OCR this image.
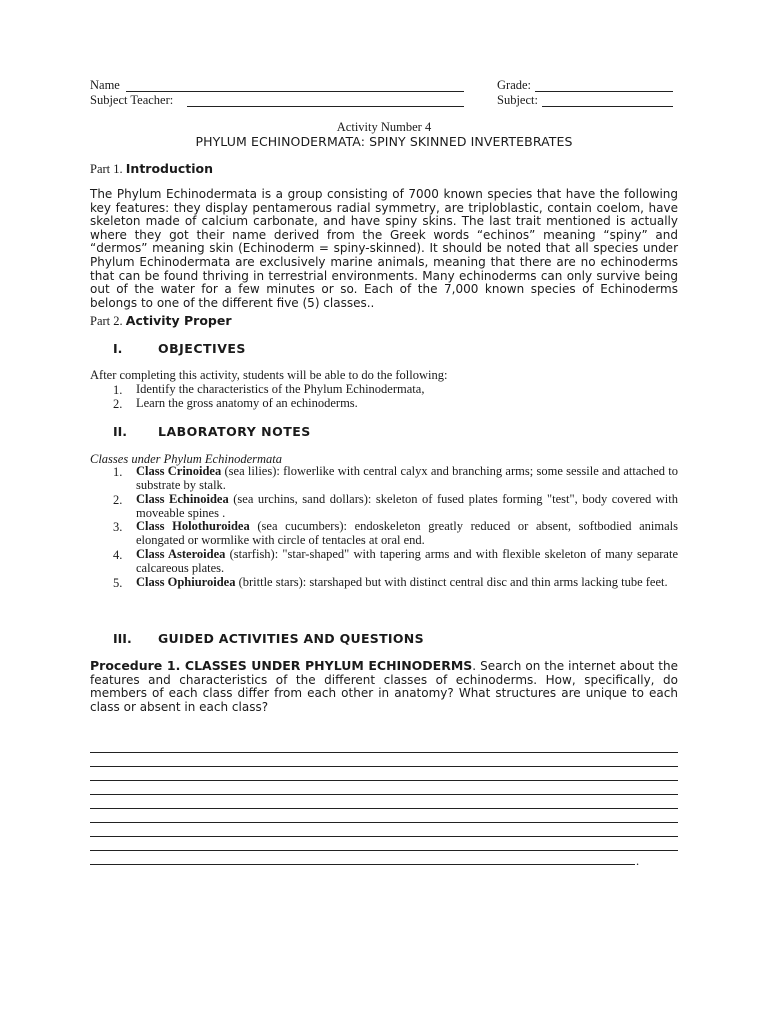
Name	Grade:
Subject Teacher:	Subject:
Activity Number 4
PHYLUM ECHINODERMATA: SPINY SKINNED INVERTEBRATES
Part 1. Introduction

The Phylum Echinodermata is a group consisting of 7000 known species that have the following key features: they display pentamerous radial symmetry, are triploblastic, contain coelom, have skeleton made of calcium carbonate, and have spiny skins. The last trait mentioned is actually where they got their name derived from the Greek words “echinos” meaning “spiny” and “dermos” meaning skin (Echinoderm = spiny-skinned). It should be noted that all species under Phylum Echinodermata are exclusively marine animals, meaning that there are no echinoderms that can be found thriving in terrestrial environments. Many echinoderms can only survive being out of the water for a few minutes or so. Each of the 7,000 known species of Echinoderms belongs to one of the different five (5) classes..

Part 2. Activity Proper
I.	OBJECTIVES

After completing this activity, students will be able to do the following:

1.	Identify the characteristics of the Phylum Echinodermata,

2.	Learn the gross anatomy of an echinoderms.

II. LABORATORY NOTES
Classes under Phylum Echinodermata
1.	Class Crinoidea (sea lilies): flowerlike with central calyx and branching arms; some sessile and attached to substrate by stalk.

2.	Class Echinoidea (sea urchins, sand dollars): skeleton of fused plates forming "test", body covered with moveable spines .

3.	Class Holothuroidea (sea cucumbers): endoskeleton greatly reduced or absent, softbodied animals elongated or wormlike with circle of tentacles at oral end.

4.	Class Asteroidea (starfish): "star-shaped" with tapering arms and with flexible skeleton of many separate calcareous plates.

5.	Class Ophiuroidea (brittle stars): starshaped but with distinct central disc and thin arms lacking tube feet.

III. GUIDED ACTIVITIES AND QUESTIONS

Procedure 1. CLASSES UNDER PHYLUM ECHINODERMS. Search on the internet about the features and characteristics of the different classes of echinoderms. How, specifically, do members of each class differ from each other in anatomy? What structures are unique to each class or absent in each class?

.
